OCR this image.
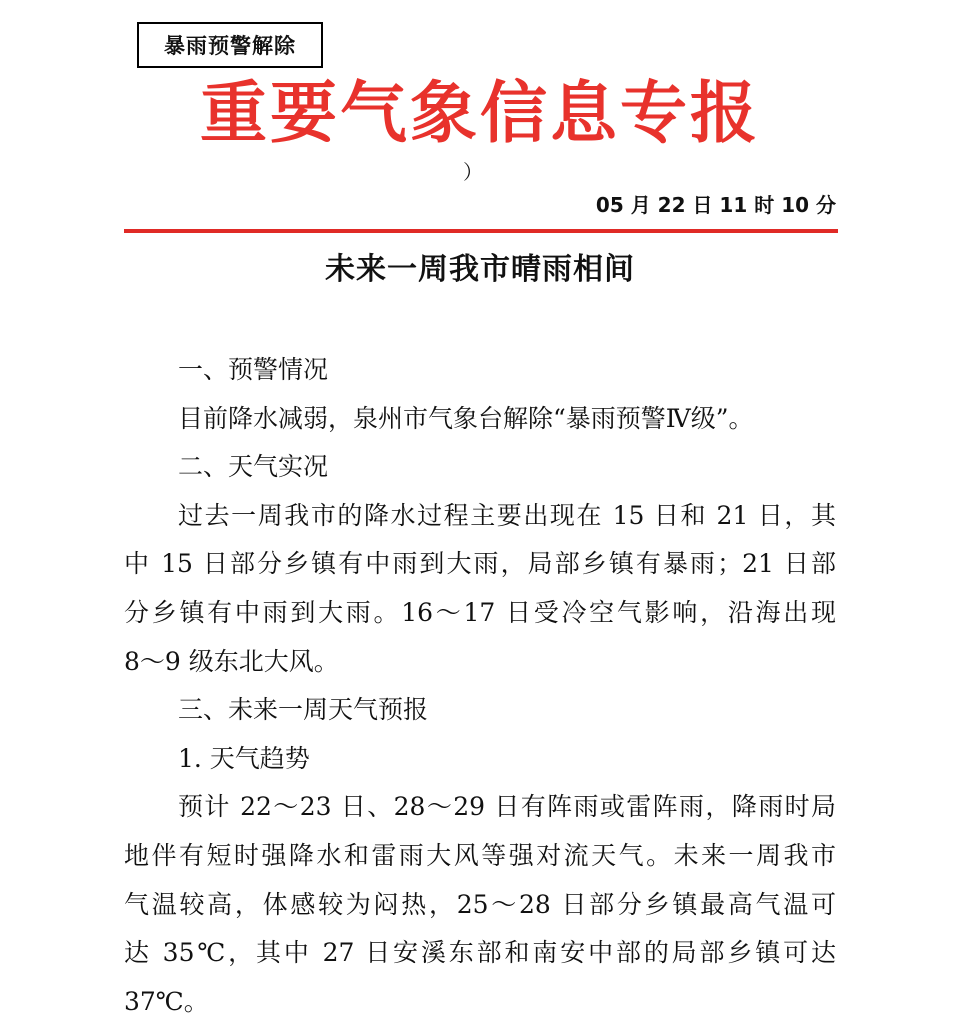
暴雨预警解除
重要气象信息专报
）
05 月 22 日 11 时 10 分
未来一周我市晴雨相间
一、预警情况
目前降水减弱，泉州市气象台解除“暴雨预警Ⅳ级”。
二、天气实况
过去一周我市的降水过程主要出现在 15 日和 21 日，其
中 15 日部分乡镇有中雨到大雨，局部乡镇有暴雨；21 日部
分乡镇有中雨到大雨。16～17 日受冷空气影响，沿海出现
8～9 级东北大风。
三、未来一周天气预报
1. 天气趋势
预计 22～23 日、28～29 日有阵雨或雷阵雨，降雨时局
地伴有短时强降水和雷雨大风等强对流天气。未来一周我市
气温较高，体感较为闷热，25～28 日部分乡镇最高气温可
达 35℃，其中 27 日安溪东部和南安中部的局部乡镇可达
37℃。
